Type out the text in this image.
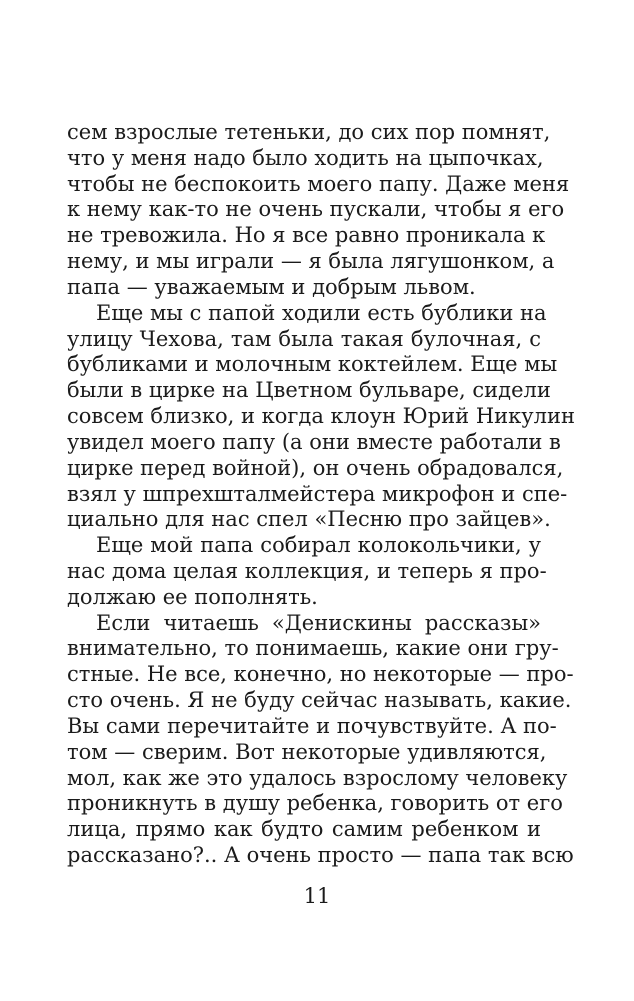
сем взрослые тетеньки, до сих пор помнят,
что у меня надо было ходить на цыпочках,
чтобы не беспокоить моего папу. Даже меня
к нему как-то не очень пускали, чтобы я его
не тревожила. Но я все равно проникала к
нему, и мы играли — я была лягушонком, а
папа — уважаемым и добрым львом.
Еще мы с папой ходили есть бублики на
улицу Чехова, там была такая булочная, с
бубликами и молочным коктейлем. Еще мы
были в цирке на Цветном бульваре, сидели
совсем близко, и когда клоун Юрий Никулин
увидел моего папу (а они вместе работали в
цирке перед войной), он очень обрадовался,
взял у шпрехшталмейстера микрофон и спе-
циально для нас спел «Песню про зайцев».
Еще мой папа собирал колокольчики, у
нас дома целая коллекция, и теперь я про-
должаю ее пополнять.
Если читаешь «Денискины рассказы»
внимательно, то понимаешь, какие они гру-
стные. Не все, конечно, но некоторые — про-
сто очень. Я не буду сейчас называть, какие.
Вы сами перечитайте и почувствуйте. А по-
том — сверим. Вот некоторые удивляются,
мол, как же это удалось взрослому человеку
проникнуть в душу ребенка, говорить от его
лица, прямо как будто самим ребенком и
рассказано?.. А очень просто — папа так всю
11
